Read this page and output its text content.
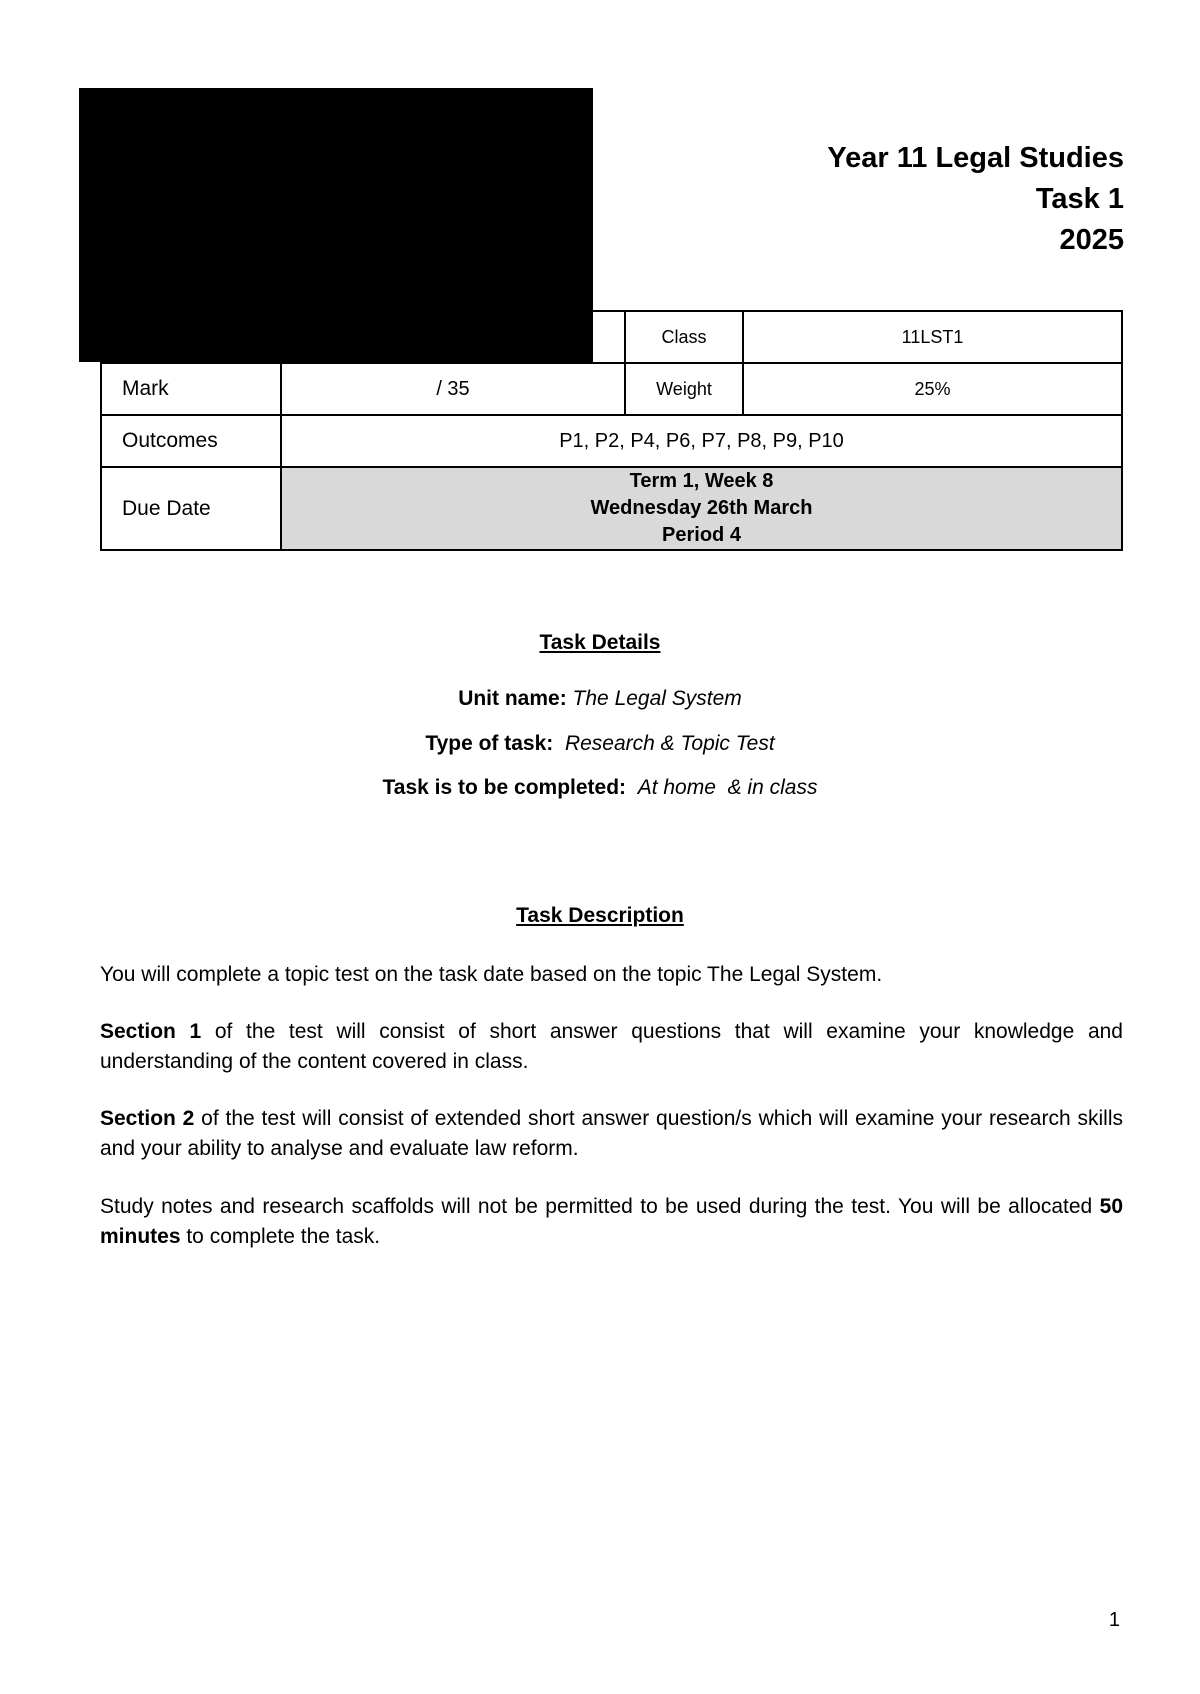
Year 11 Legal Studies
Task 1
2025
		Class	11LST1
Mark	/ 35	Weight	25%
Outcomes	P1, P2, P4, P6, P7, P8, P9, P10		
Due Date	Term 1, Week 8
Wednesday 26th March
Period 4		
Task Details
Unit name: The Legal System
Type of task: Research & Topic Test
Task is to be completed: At home  & in class
Task Description
You will complete a topic test on the task date based on the topic The Legal System.
Section 1 of the test will consist of short answer questions that will examine your knowledge and understanding of the content covered in class.
Section 2 of the test will consist of extended short answer question/s which will examine your research skills and your ability to analyse and evaluate law reform.
Study notes and research scaffolds will not be permitted to be used during the test. You will be allocated 50 minutes to complete the task.
1
